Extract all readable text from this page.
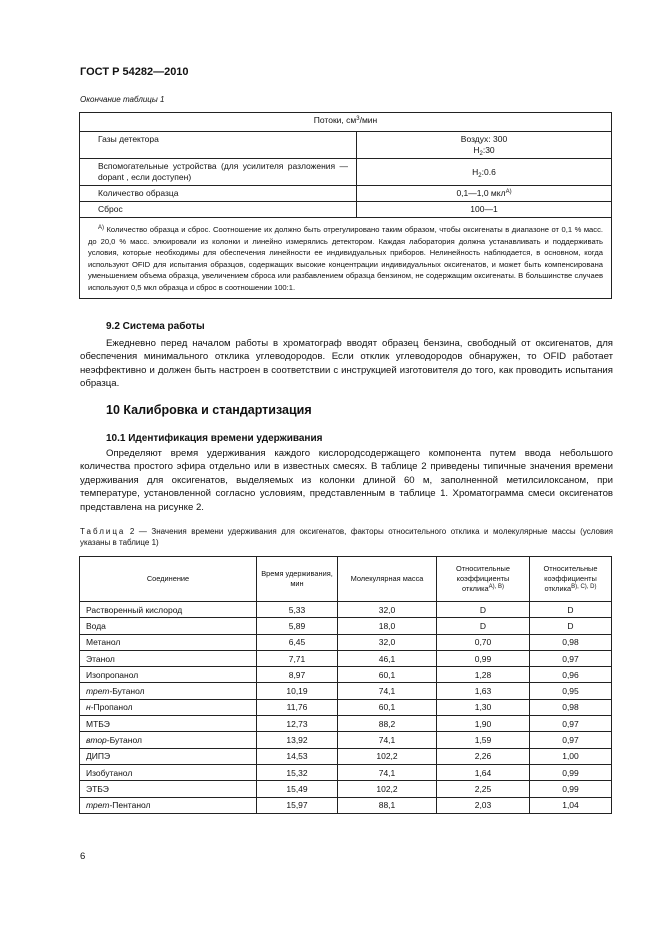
ГОСТ Р 54282—2010
Окончание таблицы 1
Потоки, $см^3$/мин	
Газы детектора	Воздух: 300
$H_2:30$

Вспомогательные устройства (для усилителя разложения — dopant , если доступен)	$H_2:0.6$
Количество образца	0,1—1,0 мкл$^{А)}$
Сброс	100—1
$^{А)}$ Количество образца и сброс. Соотношение их должно быть отрегулировано таким образом, чтобы оксигенаты в диапазоне от 0,1 % масс. до 20,0 % масс. элюировали из колонки и линейно измерялись детектором. Каждая лаборатория должна устанавливать и поддерживать условия, которые необходимы для обеспечения линейности ее индивидуальных приборов. Нелинейность наблюдается, в основном, когда используют OFID для испытания образцов, содержащих высокие концентрации индивидуальных оксигенатов, и может быть компенсирована уменьшением объема образца, увеличением сброса или разбавлением образца бензином, не содержащим оксигенаты. В большинстве случаев используют 0,5 мкл образца и сброс в соотношении 100:1.	
9.2 Система работы
Ежедневно перед началом работы в хроматограф вводят образец бензина, свободный от оксигенатов, для обеспечения минимального отклика углеводородов. Если отклик углеводородов обнаружен, то OFID работает неэффективно и должен быть настроен в соответствии с инструкцией изготовителя до того, как проводить испытания образца.
10 Калибровка и стандартизация
10.1 Идентификация времени удерживания
Определяют время удерживания каждого кислородсодержащего компонента путем ввода небольшого количества простого эфира отдельно или в известных смесях. В таблице 2 приведены типичные значения времени удерживания для оксигенатов, выделяемых из колонки длиной 60 м, заполненной метилсилоксаном, при температуре, установленной согласно условиям, представленным в таблице 1. Хроматограмма смеси оксигенатов представлена на рисунке 2.
Таблица 2 — Значения времени удерживания для оксигенатов, факторы относительного отклика и молекулярные массы (условия указаны в таблице 1)
Соединение	Время удерживания, мин	Молекулярная масса	Относительные коэффициенты отклика$^{А), В)}$	Относительные коэффициенты отклика$^{В), С), D)}$
Растворенный кислород	5,33	32,0	D	D
Вода	5,89	18,0	D	D
Метанол	6,45	32,0	0,70	0,98
Этанол	7,71	46,1	0,99	0,97
Изопропанол	8,97	60,1	1,28	0,96
трет-Бутанол	10,19	74,1	1,63	0,95
н-Пропанол	11,76	60,1	1,30	0,98
МТБЭ	12,73	88,2	1,90	0,97
втор-Бутанол	13,92	74,1	1,59	0,97
ДИПЭ	14,53	102,2	2,26	1,00
Изобутанол	15,32	74,1	1,64	0,99
ЭТБЭ	15,49	102,2	2,25	0,99
трет-Пентанол	15,97	88,1	2,03	1,04
6
